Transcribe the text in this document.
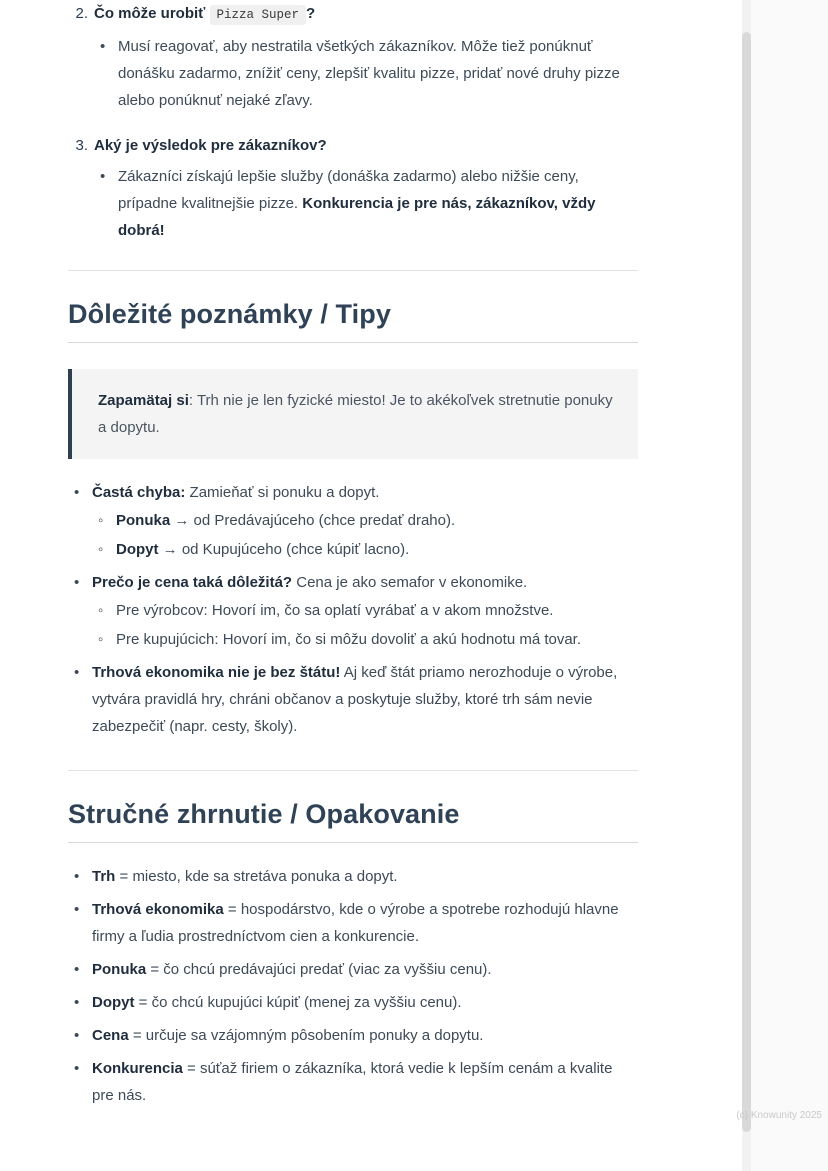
2. Čo môže urobiť Pizza Super ?
• Musí reagovať, aby nestratila všetkých zákazníkov. Môže tiež ponúknuť donášku zadarmo, znížiť ceny, zlepšiť kvalitu pizze, pridať nové druhy pizze alebo ponúknuť nejaké zľavy.
3. Aký je výsledok pre zákazníkov?
• Zákazníci získajú lepšie služby (donáška zadarmo) alebo nižšie ceny, prípadne kvalitnejšie pizze. Konkurencia je pre nás, zákazníkov, vždy dobrá!
Dôležité poznámky / Tipy
Zapamätaj si: Trh nie je len fyzické miesto! Je to akékoľvek stretnutie ponuky a dopytu.
• Častá chyba: Zamieňať si ponuku a dopyt.
◦ Ponuka → od Predávajúceho (chce predať draho).
◦ Dopyt → od Kupujúceho (chce kúpiť lacno).
• Prečo je cena taká dôležitá? Cena je ako semafor v ekonomike.
◦ Pre výrobcov: Hovorí im, čo sa oplatí vyrábať a v akom množstve.
◦ Pre kupujúcich: Hovorí im, čo si môžu dovoliť a akú hodnotu má tovar.
• Trhová ekonomika nie je bez štátu! Aj keď štát priamo nerozhoduje o výrobe, vytvára pravidlá hry, chráni občanov a poskytuje služby, ktoré trh sám nevie zabezpečiť (napr. cesty, školy).
Stručné zhrnutie / Opakovanie
• Trh = miesto, kde sa stretáva ponuka a dopyt.
• Trhová ekonomika = hospodárstvo, kde o výrobe a spotrebe rozhodujú hlavne firmy a ľudia prostredníctvom cien a konkurencie.
• Ponuka = čo chcú predávajúci predať (viac za vyššiu cenu).
• Dopyt = čo chcú kupujúci kúpiť (menej za vyššiu cenu).
• Cena = určuje sa vzájomným pôsobením ponuky a dopytu.
• Konkurencia = súťaž firiem o zákazníka, ktorá vedie k lepším cenám a kvalite pre nás.
(c) Knowunity 2025
